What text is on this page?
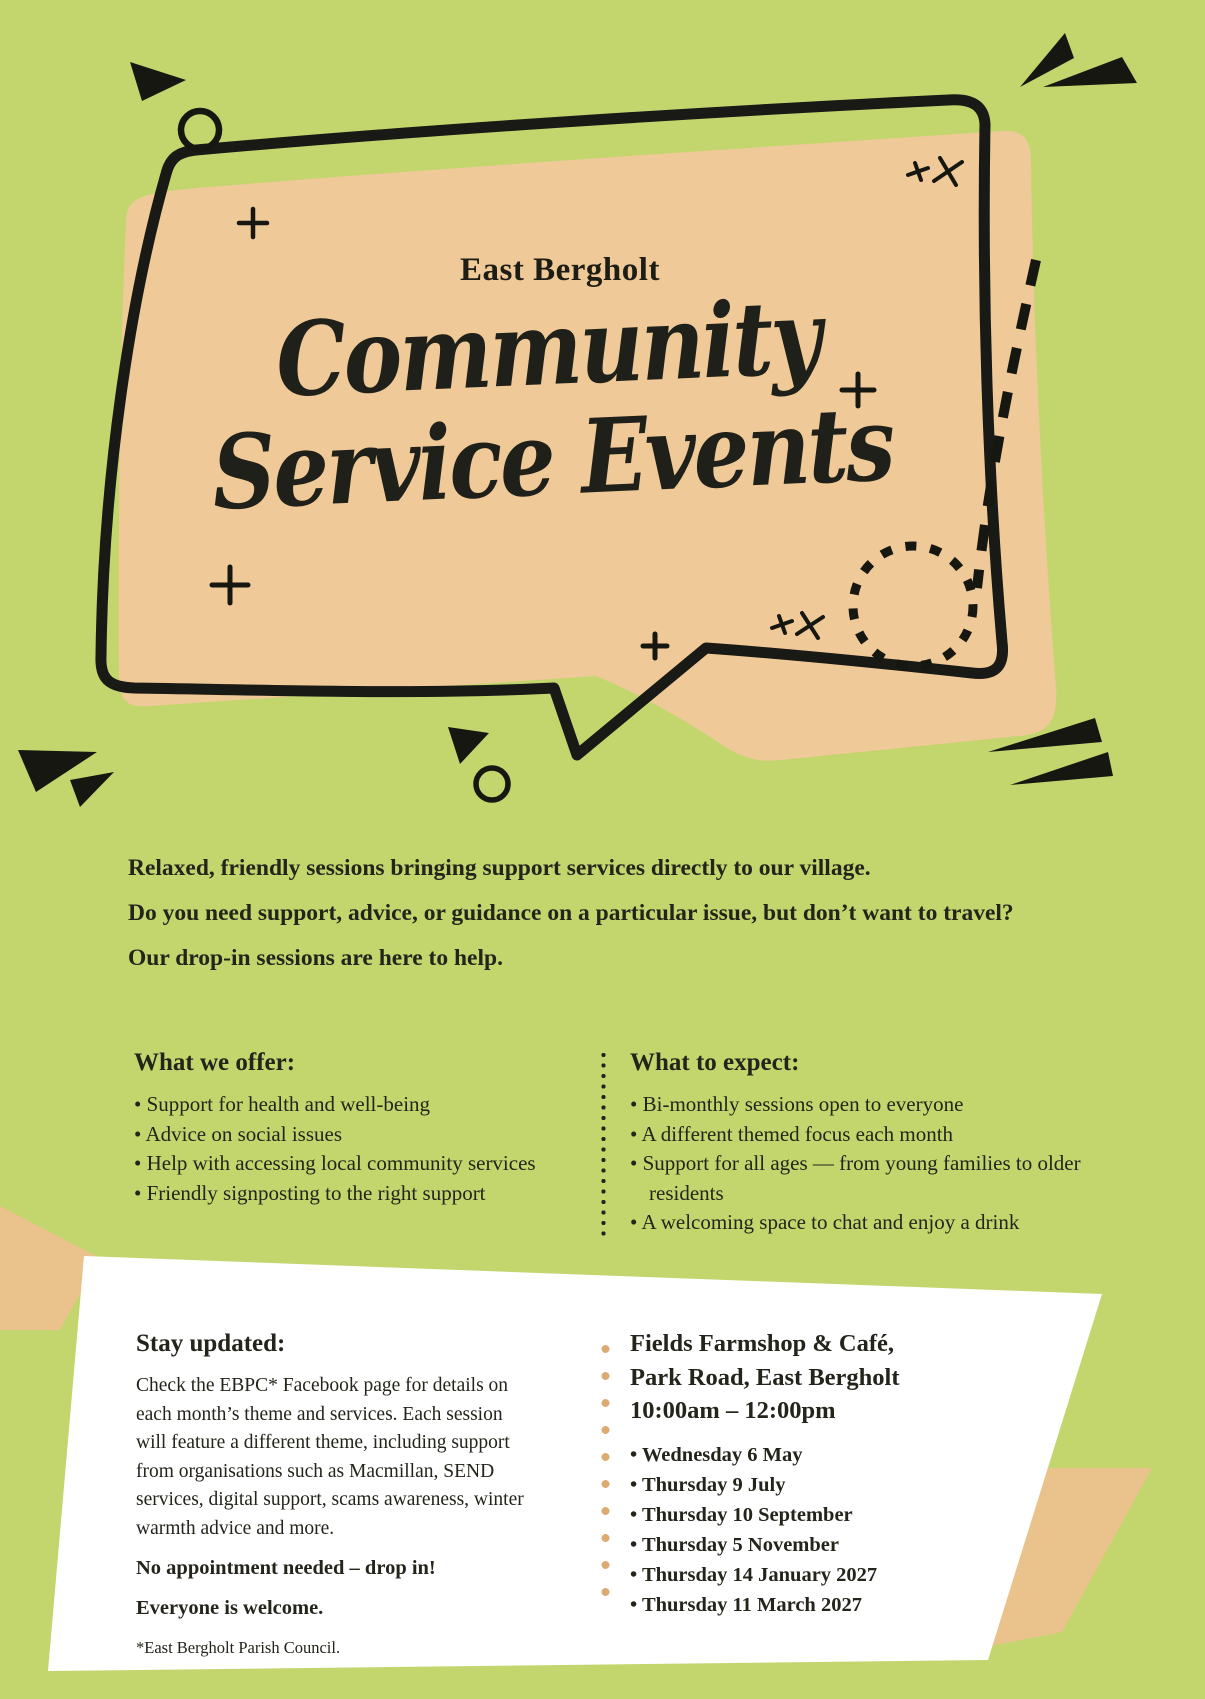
East Bergholt
Community
Service Events

Relaxed, friendly sessions bringing support services directly to our village.

Do you need support, advice, or guidance on a particular issue, but don’t want to travel?

Our drop-in sessions are here to help.

What we offer:
• Support for health and well-being
• Advice on social issues
• Help with accessing local community services
• Friendly signposting to the right support
What to expect:
• Bi-monthly sessions open to everyone
• A different themed focus each month
• Support for all ages — from young families to older residents
• A welcoming space to chat and enjoy a drink
Stay updated:

Check the EBPC* Facebook page for details on each month’s theme and services. Each session will feature a different theme, including support from organisations such as Macmillan, SEND services, digital support, scams awareness, winter warmth advice and more.

No appointment needed – drop in!

Everyone is welcome.

*East Bergholt Parish Council.

Fields Farmshop & Café,
Park Road, East Bergholt
10:00am – 12:00pm
• Wednesday 6 May
• Thursday 9 July
• Thursday 10 September
• Thursday 5 November
• Thursday 14 January 2027
• Thursday 11 March 2027
